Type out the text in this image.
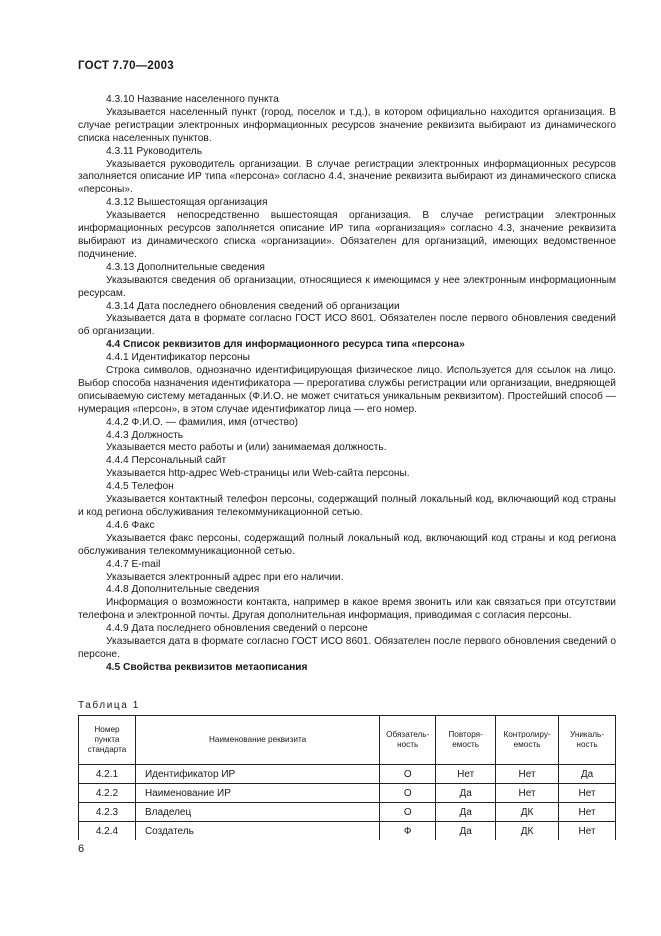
ГОСТ 7.70—2003

4.3.10 Название населенного пункта

Указывается населенный пункт (город, поселок и т.д.), в котором официально находится организация. В случае регистрации электронных информационных ресурсов значение реквизита выбирают из динамического списка населенных пунктов.

4.3.11 Руководитель

Указывается руководитель организации. В случае регистрации электронных информационных ресурсов заполняется описание ИР типа «персона» согласно 4.4, значение реквизита выбирают из динамического списка «персоны».

4.3.12 Вышестоящая организация

Указывается непосредственно вышестоящая организация. В случае регистрации электронных информационных ресурсов заполняется описание ИР типа «организация» согласно 4.3, значение реквизита выбирают из динамического списка «организации». Обязателен для организаций, имеющих ведомственное подчинение.

4.3.13 Дополнительные сведения

Указываются сведения об организации, относящиеся к имеющимся у нее электронным информационным ресурсам.

4.3.14 Дата последнего обновления сведений об организации

Указывается дата в формате согласно ГОСТ ИСО 8601. Обязателен после первого обновления сведений об организации.

4.4 Список реквизитов для информационного ресурса типа «персона»

4.4.1 Идентификатор персоны

Строка символов, однозначно идентифицирующая физическое лицо. Используется для ссылок на лицо. Выбор способа назначения идентификатора — прерогатива службы регистрации или организации, внедряющей описываемую систему метаданных (Ф.И.О. не может считаться уникальным реквизитом). Простейший способ — нумерация «персон», в этом случае идентификатор лица — его номер.

4.4.2 Ф.И.О. — фамилия, имя (отчество)

4.4.3 Должность

Указывается место работы и (или) занимаемая должность.

4.4.4 Персональный сайт

Указывается http-адрес Web-страницы или Web-сайта персоны.

4.4.5 Телефон

Указывается контактный телефон персоны, содержащий полный локальный код, включающий код страны и код региона обслуживания телекоммуникационной сетью.

4.4.6 Факс

Указывается факс персоны, содержащий полный локальный код, включающий код страны и код региона обслуживания телекоммуникационной сетью.

4.4.7 E-mail

Указывается электронный адрес при его наличии.

4.4.8 Дополнительные сведения

Информация о возможности контакта, например в какое время звонить или как связаться при отсутствии телефона и электронной почты. Другая дополнительная информация, приводимая с согласия персоны.

4.4.9 Дата последнего обновления сведений о персоне

Указывается дата в формате согласно ГОСТ ИСО 8601. Обязателен после первого обновления сведений о персоне.

4.5 Свойства реквизитов метаописания

Таблица 1
Номер пункта стандарта	Наименование реквизита	Обязатель-ность	Повторя-емость	Контролиру-емость	Уникаль-ность
4.2.1	Идентификатор ИР	О	Нет	Нет	Да
4.2.2	Наименование ИР	О	Да	Нет	Нет
4.2.3	Владелец	О	Да	ДК	Нет
4.2.4	Создатель	Ф	Да	ДК	Нет
6
